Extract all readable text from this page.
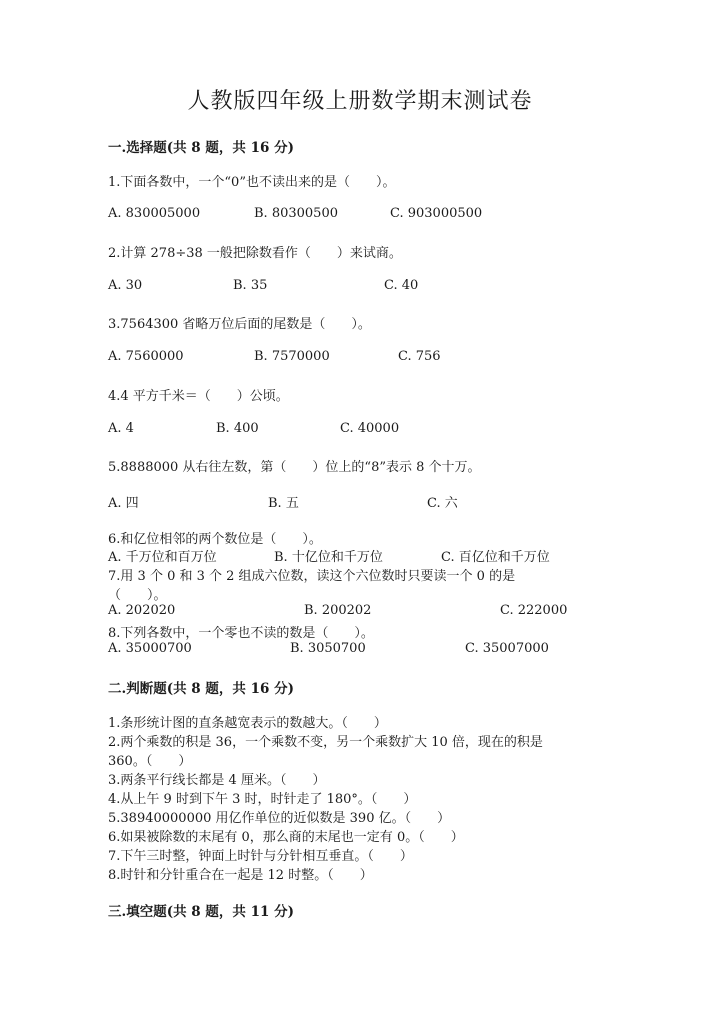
人教版四年级上册数学期末测试卷
一.选择题(共 8 题，共 16 分)
1.下面各数中，一个“0”也不读出来的是（　　）。
A. 830005000	B. 80300500	C. 903000500
2.计算 278÷38 一般把除数看作（　　）来试商。
A. 30	B. 35	C. 40
3.7564300 省略万位后面的尾数是（　　）。
A. 7560000	B. 7570000	C. 756
4.4 平方千米＝（　　）公顷。
A. 4	B. 400	C. 40000
5.8888000 从右往左数，第（　　）位上的“8”表示 8 个十万。
A. 四	B. 五	C. 六
6.和亿位相邻的两个数位是（　　）。
A. 千万位和百万位	B. 十亿位和千万位	C. 百亿位和千万位
7.用 3 个 0 和 3 个 2 组成六位数，读这个六位数时只要读一个 0 的是
（　　）。
A. 202020	B. 200202	C. 222000
8.下列各数中，一个零也不读的数是（　　）。
A. 35000700	B. 3050700	C. 35007000
二.判断题(共 8 题，共 16 分)
1.条形统计图的直条越宽表示的数越大。（　　）
2.两个乘数的积是 36，一个乘数不变，另一个乘数扩大 10 倍，现在的积是
360。（　　）
3.两条平行线长都是 4 厘米。（　　）
4.从上午 9 时到下午 3 时，时针走了 180°。（　　）
5.38940000000 用亿作单位的近似数是 390 亿。（　　）
6.如果被除数的末尾有 0，那么商的末尾也一定有 0。（　　）
7.下午三时整，钟面上时针与分针相互垂直。（　　）
8.时针和分针重合在一起是 12 时整。（　　）
三.填空题(共 8 题，共 11 分)
